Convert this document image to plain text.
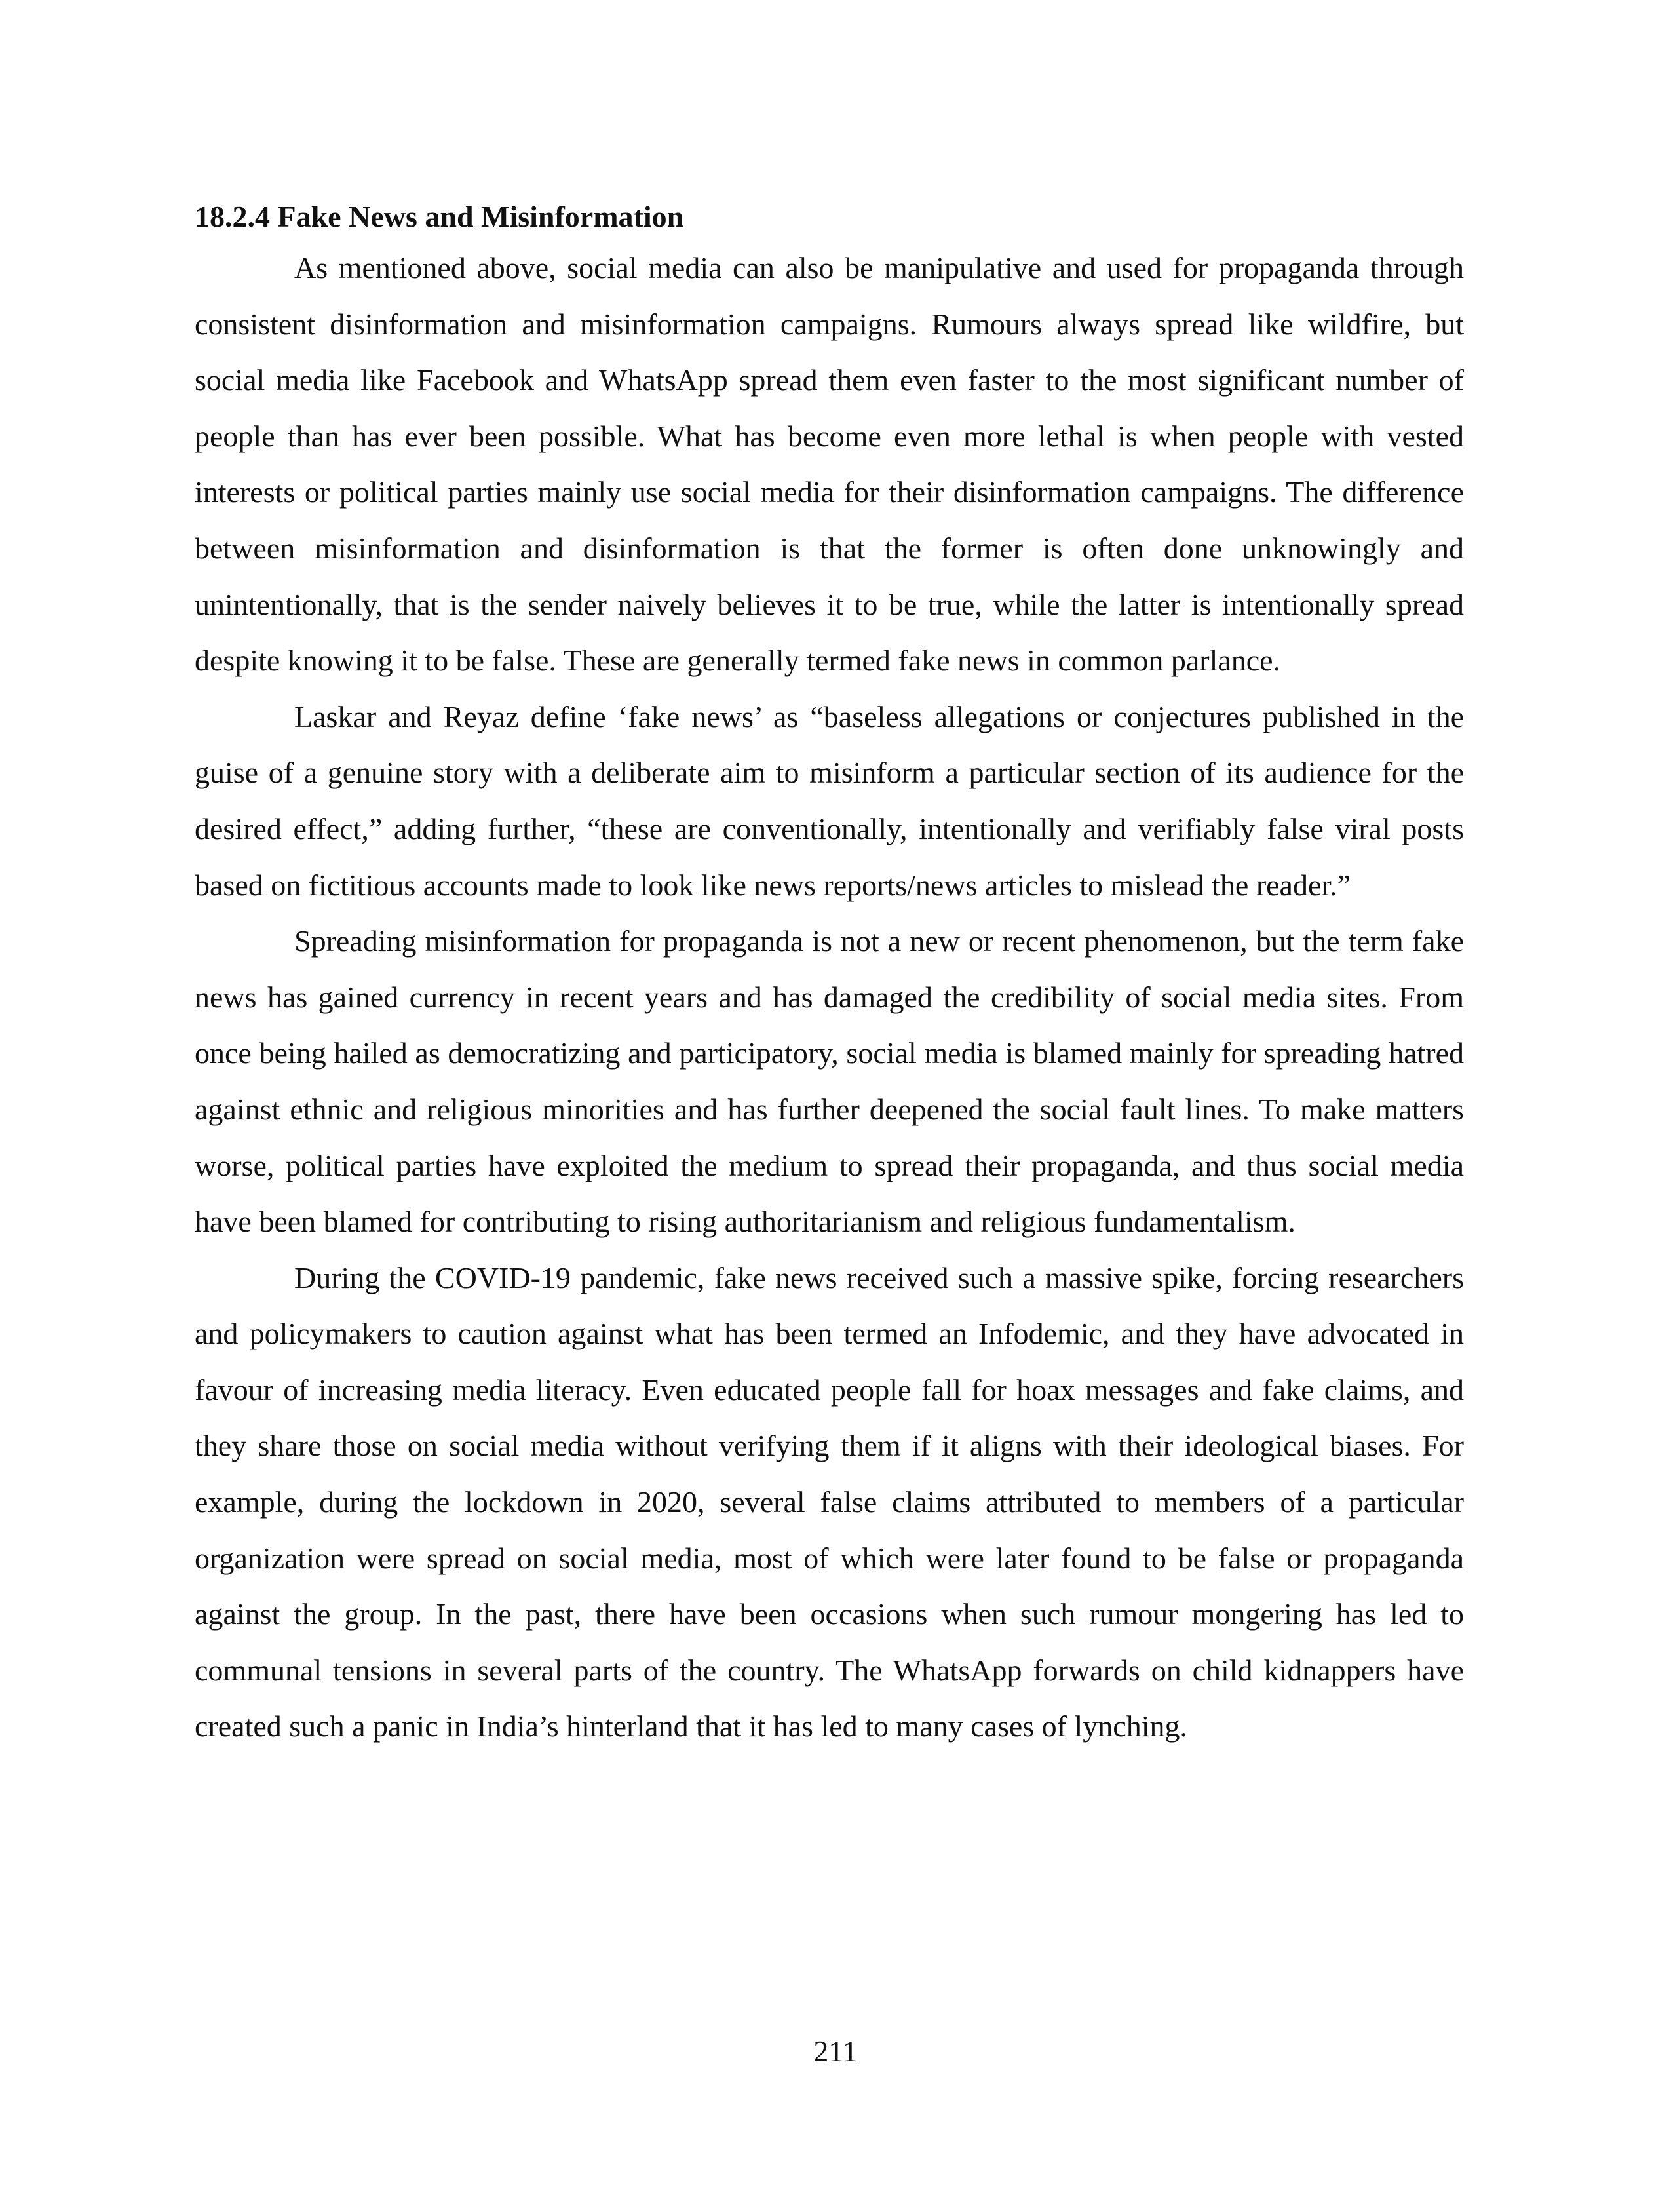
18.2.4 Fake News and Misinformation

As mentioned above, social media can also be manipulative and used for propaganda through consistent disinformation and misinformation campaigns. Rumours always spread like wildfire, but social media like Facebook and WhatsApp spread them even faster to the most significant number of people than has ever been possible. What has become even more lethal is when people with vested interests or political parties mainly use social media for their disinformation campaigns. The difference between misinformation and disinformation is that the former is often done unknowingly and unintentionally, that is the sender naively believes it to be true, while the latter is intentionally spread despite knowing it to be false. These are generally termed fake news in common parlance.

Laskar and Reyaz define ‘fake news’ as “baseless allegations or conjectures published in the guise of a genuine story with a deliberate aim to misinform a particular section of its audience for the desired effect,” adding further, “these are conventionally, intentionally and verifiably false viral posts based on fictitious accounts made to look like news reports/news articles to mislead the reader.”

Spreading misinformation for propaganda is not a new or recent phenomenon, but the term fake news has gained currency in recent years and has damaged the credibility of social media sites. From once being hailed as democratizing and participatory, social media is blamed mainly for spreading hatred against ethnic and religious minorities and has further deepened the social fault lines. To make matters worse, political parties have exploited the medium to spread their propaganda, and thus social media have been blamed for contributing to rising authoritarianism and religious fundamentalism.

During the COVID-19 pandemic, fake news received such a massive spike, forcing researchers and policymakers to caution against what has been termed an Infodemic, and they have advocated in favour of increasing media literacy. Even educated people fall for hoax messages and fake claims, and they share those on social media without verifying them if it aligns with their ideological biases. For example, during the lockdown in 2020, several false claims attributed to members of a particular organization were spread on social media, most of which were later found to be false or propaganda against the group. In the past, there have been occasions when such rumour mongering has led to communal tensions in several parts of the country. The WhatsApp forwards on child kidnappers have created such a panic in India’s hinterland that it has led to many cases of lynching.

211
